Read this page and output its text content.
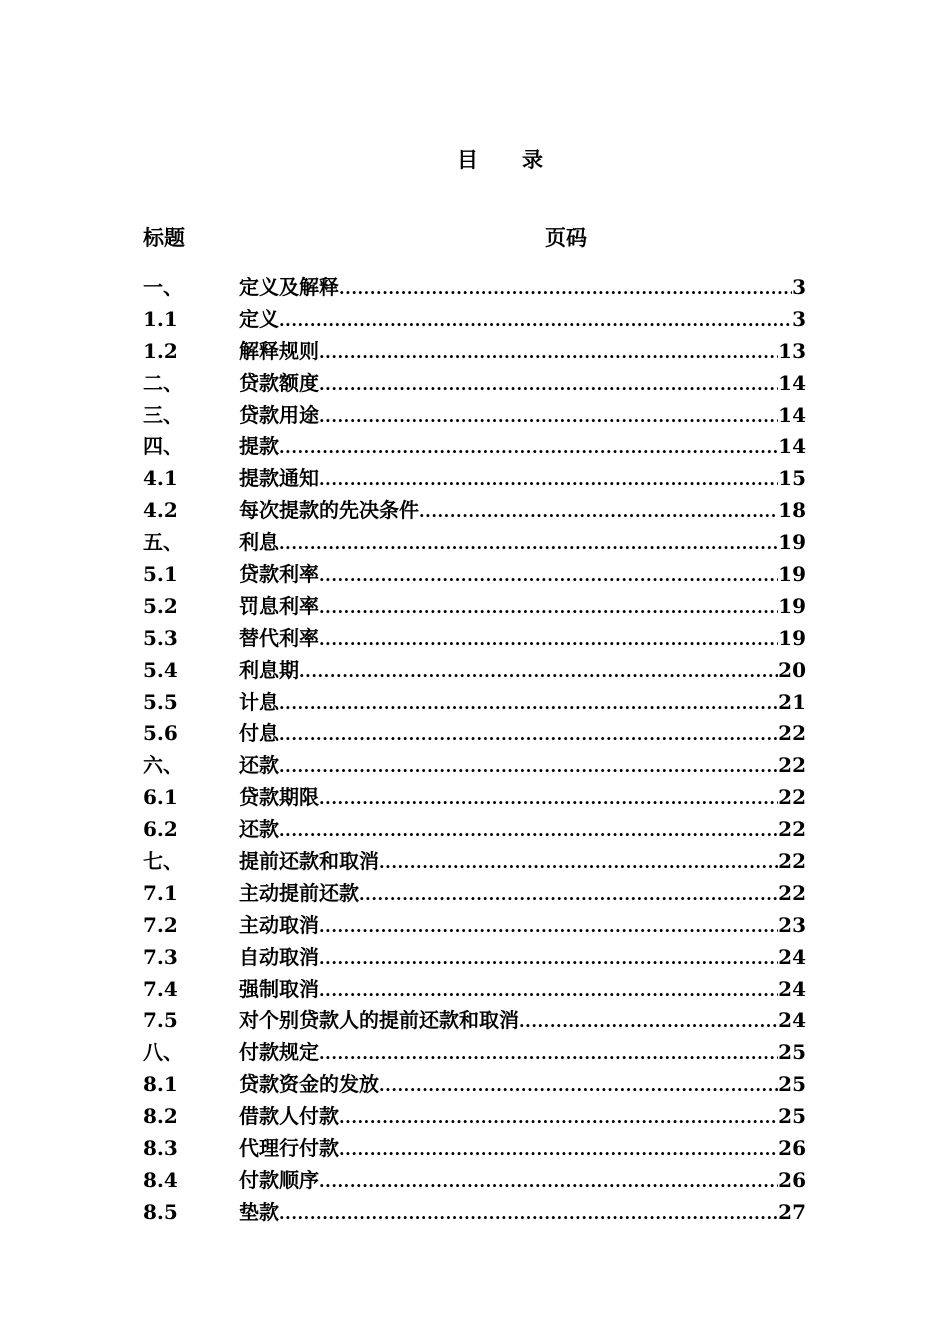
目 录
标题	页码
一、	定义及解释 .....	3
1.1	定义 .....	3
1.2	解释规则 .....	13
二、	贷款额度 .....	14
三、	贷款用途 .....	14
四、	提款 .....	14
4.1	提款通知 .....	15
4.2	每次提款的先决条件 .....	18
五、	利息 .....	19
5.1	贷款利率 .....	19
5.2	罚息利率 .....	19
5.3	替代利率 .....	19
5.4	利息期 .....	20
5.5	计息 .....	21
5.6	付息 .....	22
六、	还款 .....	22
6.1	贷款期限 .....	22
6.2	还款 .....	22
七、	提前还款和取消 .....	22
7.1	主动提前还款 .....	22
7.2	主动取消 .....	23
7.3	自动取消 .....	24
7.4	强制取消 .....	24
7.5	对个别贷款人的提前还款和取消 .....	24
八、	付款规定 .....	25
8.1	贷款资金的发放 .....	25
8.2	借款人付款 .....	25
8.3	代理行付款 .....	26
8.4	付款顺序 .....	26
8.5	垫款 .....	27
